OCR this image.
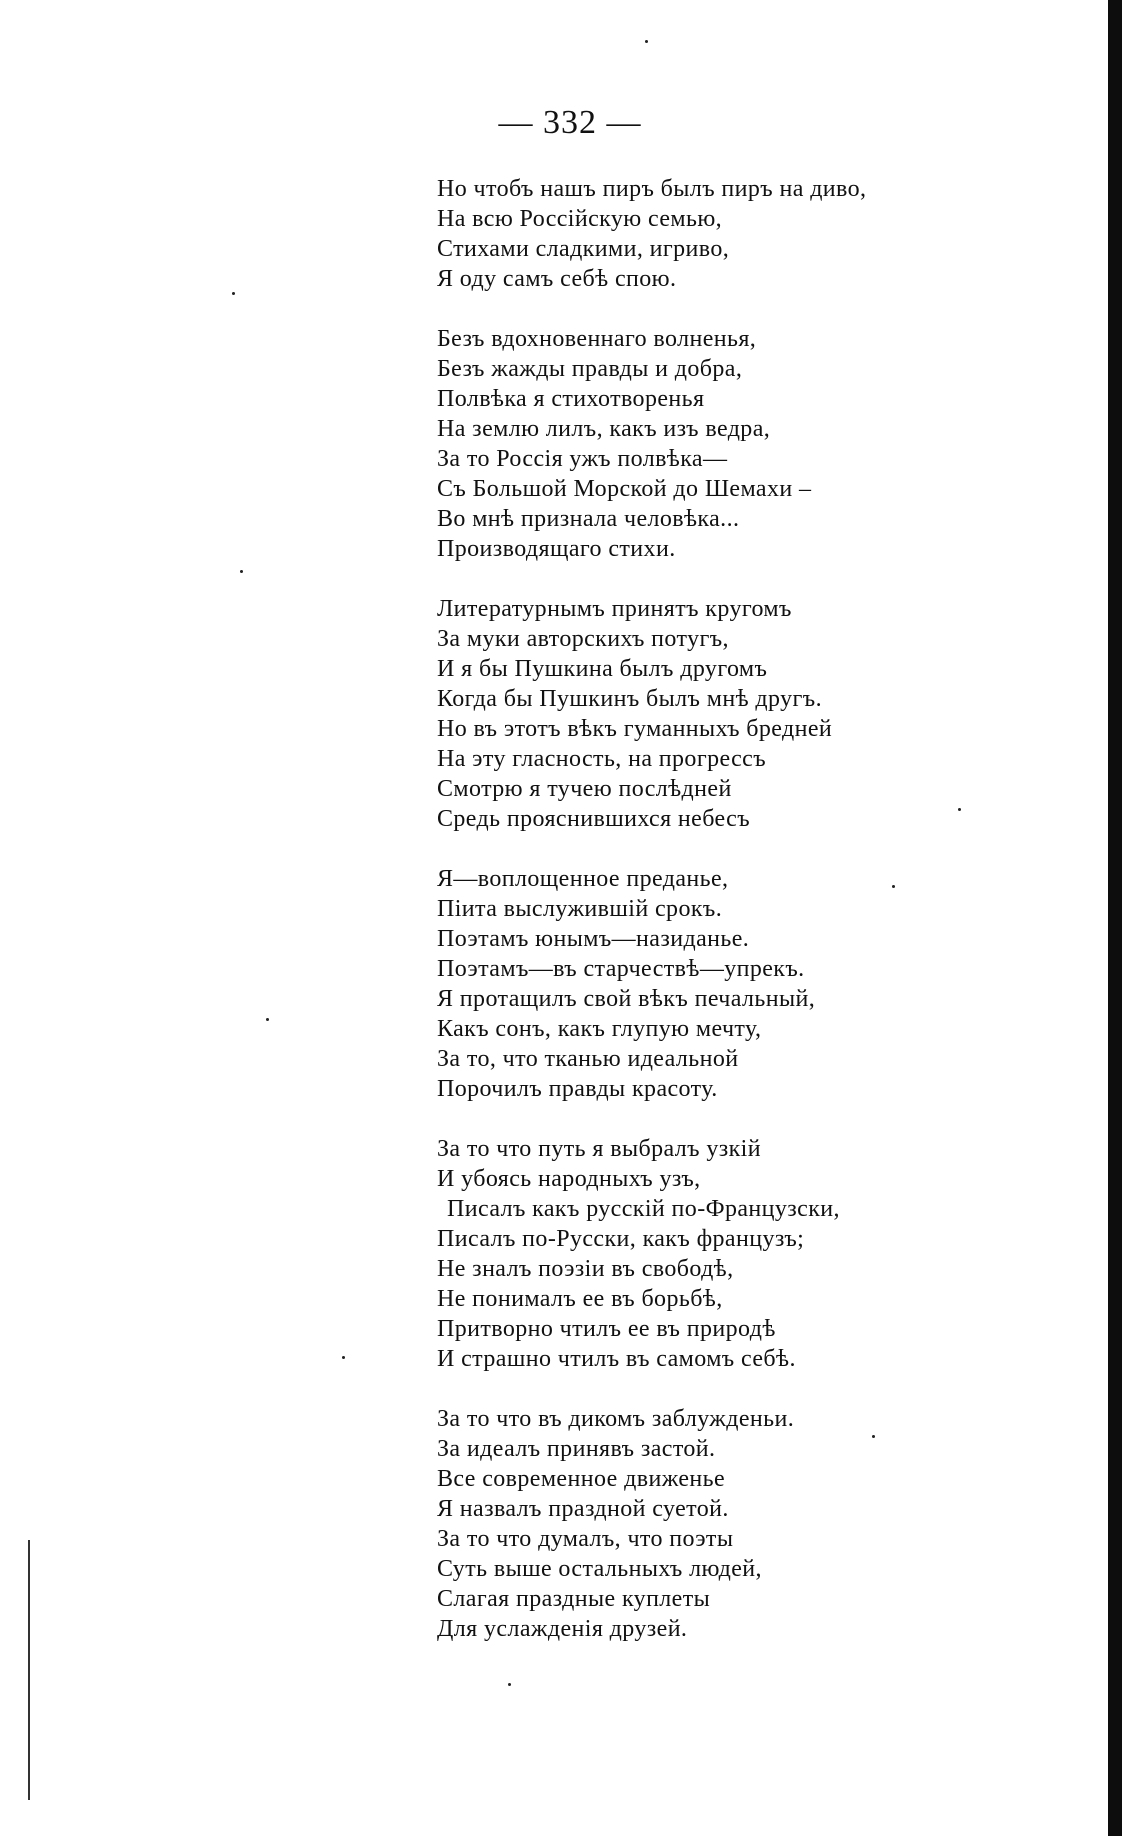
— 332 —
Но чтобъ нашъ пиръ былъ пиръ на диво,
На всю Россійскую семью,
Стихами сладкими, игриво,
Я оду самъ себѣ спою.
Безъ вдохновеннаго волненья,
Безъ жажды правды и добра,
Полвѣка я стихотворенья
На землю лилъ, какъ изъ ведра,
За то Россія ужъ полвѣка—
Съ Большой Морской до Шемахи –
Во мнѣ признала человѣка...
Производящаго стихи.
Литературнымъ принятъ кругомъ
За муки авторскихъ потугъ,
И я бы Пушкина былъ другомъ
Когда бы Пушкинъ былъ мнѣ другъ.
Но въ этотъ вѣкъ гуманныхъ бредней
На эту гласность, на прогрессъ
Смотрю я тучею послѣдней
Средь прояснившихся небесъ
Я—воплощенное преданье,
Піита выслужившій срокъ.
Поэтамъ юнымъ—назиданье.
Поэтамъ—въ старчествѣ—упрекъ.
Я протащилъ свой вѣкъ печальный,
Какъ сонъ, какъ глупую мечту,
За то, что тканью идеальной
Порочилъ правды красоту.
За то что путь я выбралъ узкій
И убоясь народныхъ узъ,
Писалъ какъ русскій по-Французски,
Писалъ по-Русски, какъ французъ;
Не зналъ поэзіи въ свободѣ,
Не понималъ ее въ борьбѣ,
Притворно чтилъ ее въ природѣ
И страшно чтилъ въ самомъ себѣ.
За то что въ дикомъ заблужденьи.
За идеалъ принявъ застой.
Все современное движенье
Я назвалъ праздной суетой.
За то что думалъ, что поэты
Суть выше остальныхъ людей,
Слагая праздные куплеты
Для услажденія друзей.
